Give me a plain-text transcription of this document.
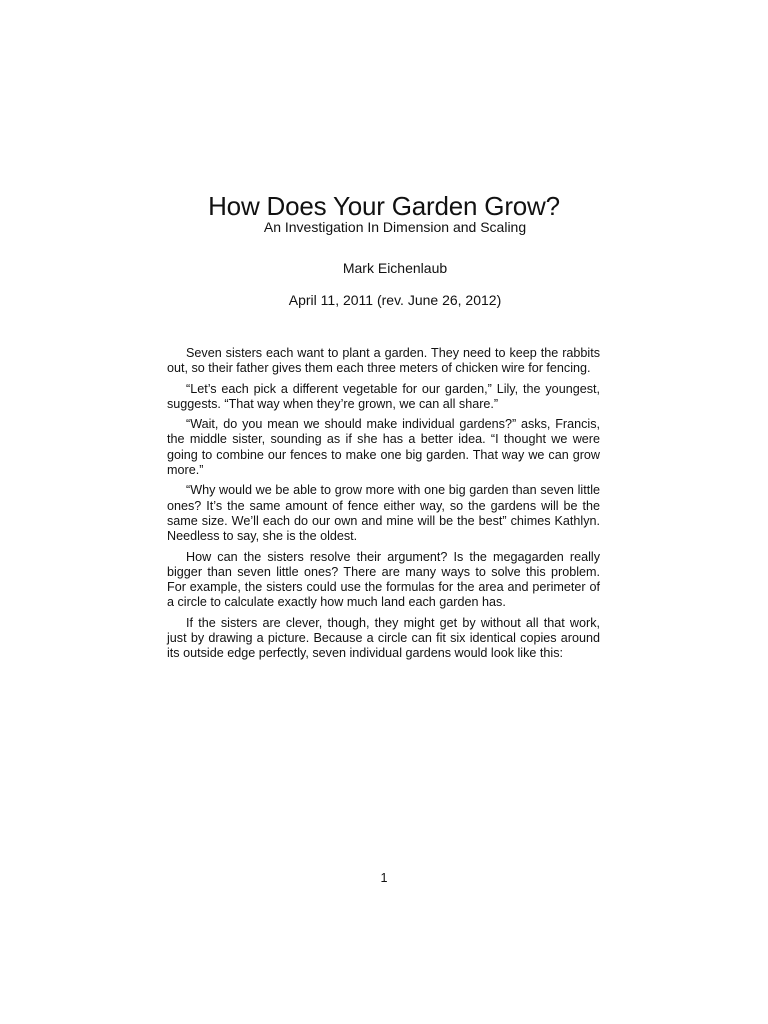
How Does Your Garden Grow?
An Investigation In Dimension and Scaling
Mark Eichenlaub
April 11, 2011 (rev. June 26, 2012)

Seven sisters each want to plant a garden. They need to keep the rabbits out, so their father gives them each three meters of chicken wire for fencing.

“Let’s each pick a different vegetable for our garden,” Lily, the youngest, suggests. “That way when they’re grown, we can all share.”

“Wait, do you mean we should make individual gardens?” asks, Francis, the middle sister, sounding as if she has a better idea. “I thought we were going to combine our fences to make one big garden. That way we can grow more.”

“Why would we be able to grow more with one big garden than seven little ones? It’s the same amount of fence either way, so the gardens will be the same size. We’ll each do our own and mine will be the best” chimes Kathlyn. Needless to say, she is the oldest.

How can the sisters resolve their argument? Is the megagarden really bigger than seven little ones? There are many ways to solve this problem. For example, the sisters could use the formulas for the area and perimeter of a circle to calculate exactly how much land each garden has.

If the sisters are clever, though, they might get by without all that work, just by drawing a picture. Because a circle can fit six identical copies around its outside edge perfectly, seven individual gardens would look like this:

1
